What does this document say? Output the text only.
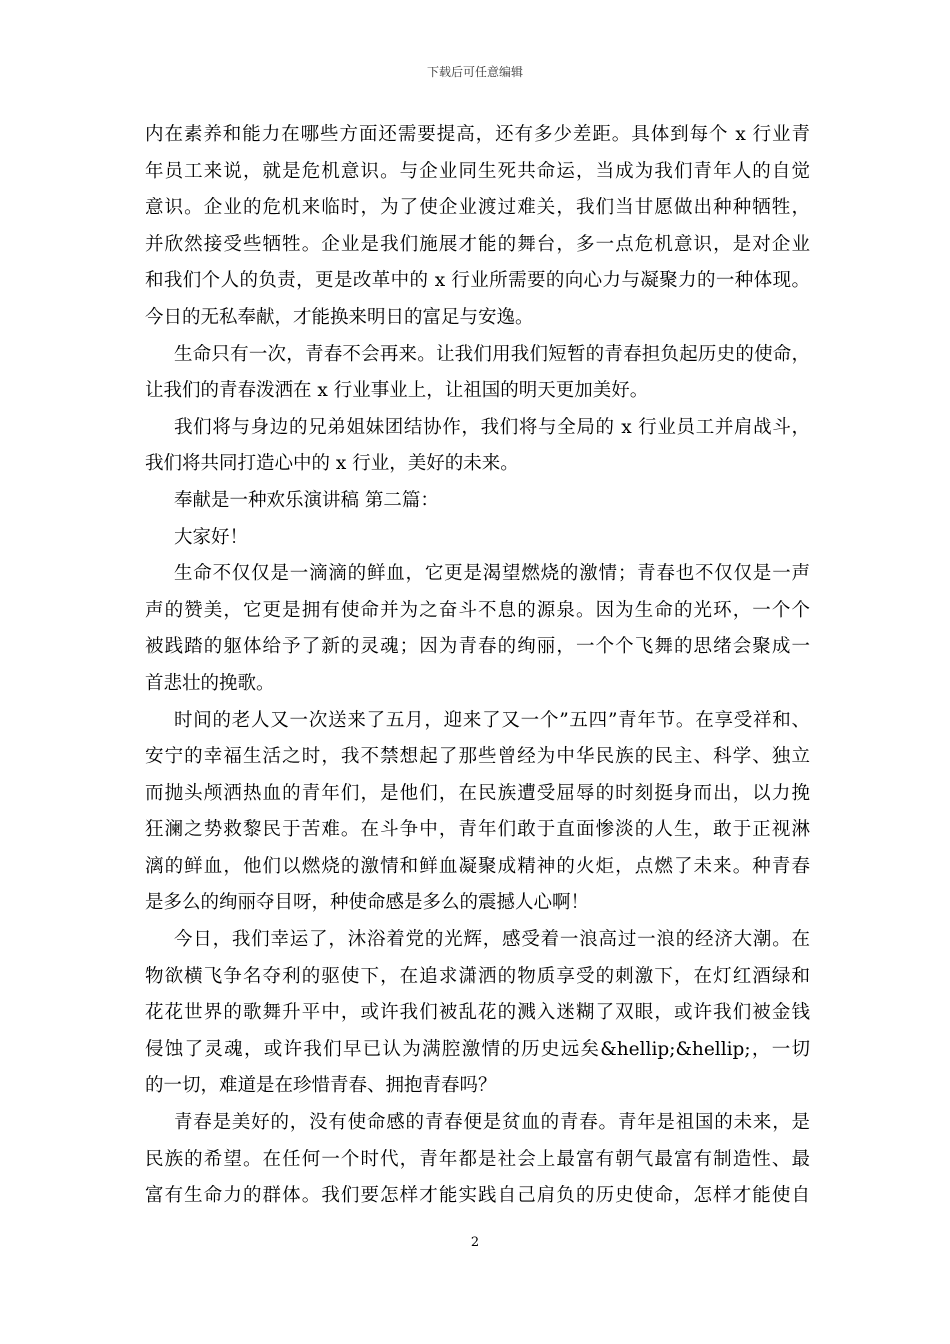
下载后可任意编辑
内在素养和能力在哪些方面还需要提高，还有多少差距。具体到每个 x 行业青
年员工来说，就是危机意识。与企业同生死共命运，当成为我们青年人的自觉
意识。企业的危机来临时，为了使企业渡过难关，我们当甘愿做出种种牺牲，
并欣然接受些牺牲。企业是我们施展才能的舞台，多一点危机意识，是对企业
和我们个人的负责，更是改革中的 x 行业所需要的向心力与凝聚力的一种体现。
今日的无私奉献，才能换来明日的富足与安逸。
生命只有一次，青春不会再来。让我们用我们短暂的青春担负起历史的使命，
让我们的青春泼洒在 x 行业事业上，让祖国的明天更加美好。
我们将与身边的兄弟姐妹团结协作，我们将与全局的 x 行业员工并肩战斗，
我们将共同打造心中的 x 行业，美好的未来。
奉献是一种欢乐演讲稿 第二篇：
大家好！
生命不仅仅是一滴滴的鲜血，它更是渴望燃烧的激情；青春也不仅仅是一声
声的赞美，它更是拥有使命并为之奋斗不息的源泉。因为生命的光环，一个个
被践踏的躯体给予了新的灵魂；因为青春的绚丽，一个个飞舞的思绪会聚成一
首悲壮的挽歌。
时间的老人又一次送来了五月，迎来了又一个”五四”青年节。在享受祥和、
安宁的幸福生活之时，我不禁想起了那些曾经为中华民族的民主、科学、独立
而抛头颅洒热血的青年们，是他们，在民族遭受屈辱的时刻挺身而出，以力挽
狂澜之势救黎民于苦难。在斗争中，青年们敢于直面惨淡的人生，敢于正视淋
漓的鲜血，他们以燃烧的激情和鲜血凝聚成精神的火炬，点燃了未来。种青春
是多么的绚丽夺目呀，种使命感是多么的震撼人心啊！
今日，我们幸运了，沐浴着党的光辉，感受着一浪高过一浪的经济大潮。在
物欲横飞争名夺利的驱使下，在追求潇洒的物质享受的刺激下，在灯红酒绿和
花花世界的歌舞升平中，或许我们被乱花的溅入迷糊了双眼，或许我们被金钱
侵蚀了灵魂，或许我们早已认为满腔激情的历史远矣&hellip;&hellip;，一切
的一切，难道是在珍惜青春、拥抱青春吗？
青春是美好的，没有使命感的青春便是贫血的青春。青年是祖国的未来，是
民族的希望。在任何一个时代，青年都是社会上最富有朝气最富有制造性、最
富有生命力的群体。我们要怎样才能实践自己肩负的历史使命，怎样才能使自
2
